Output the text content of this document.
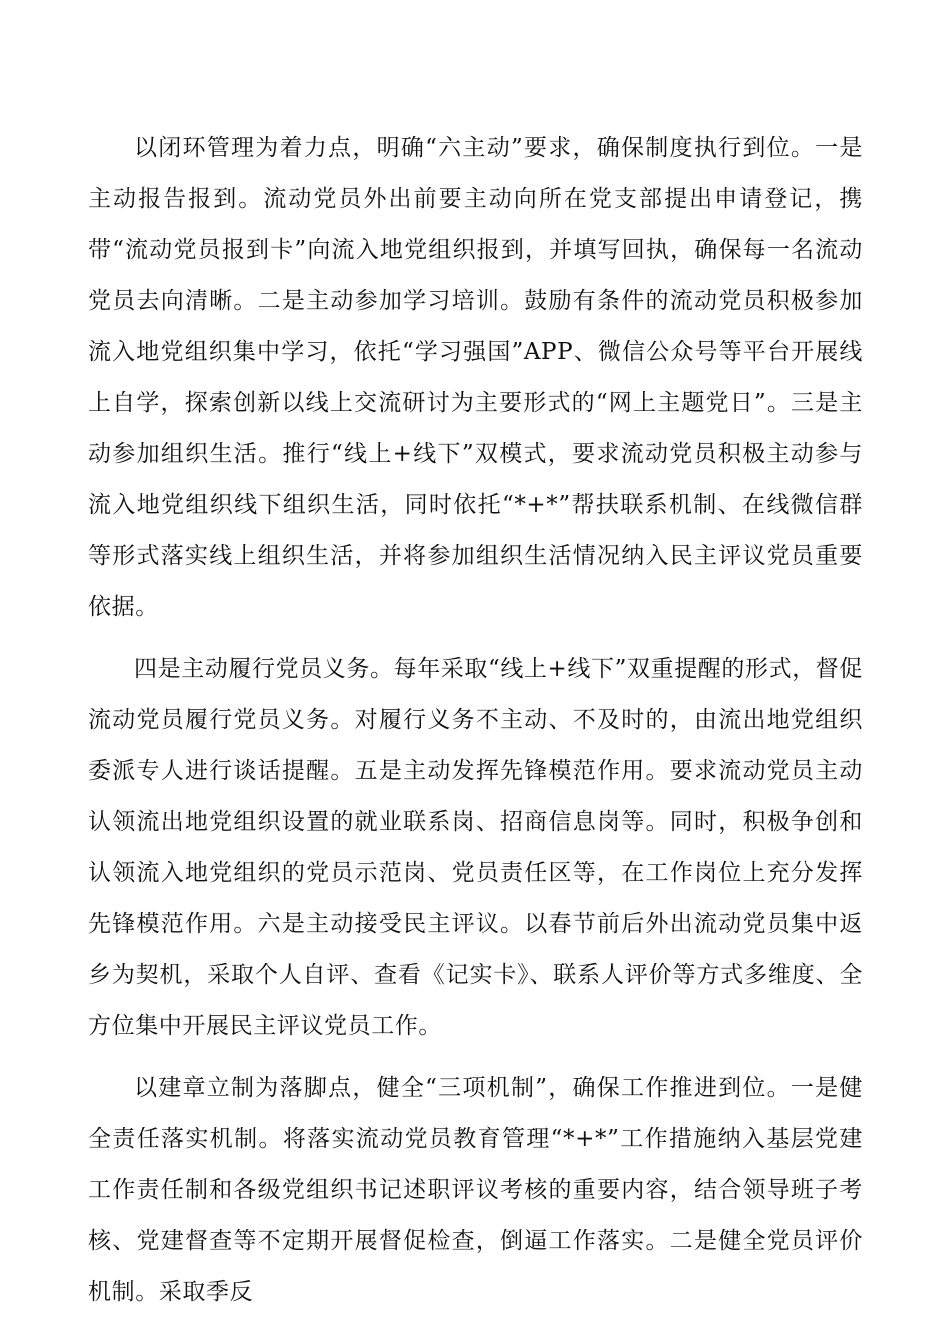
以闭环管理为着力点，明确“六主动”要求，确保制度执行到位。一是主动报告报到。流动党员外出前要主动向所在党支部提出申请登记，携带“流动党员报到卡”向流入地党组织报到，并填写回执，确保每一名流动党员去向清晰。二是主动参加学习培训。鼓励有条件的流动党员积极参加流入地党组织集中学习，依托“学习强国”APP、微信公众号等平台开展线上自学，探索创新以线上交流研讨为主要形式的“网上主题党日”。三是主动参加组织生活。推行“线上+线下”双模式，要求流动党员积极主动参与流入地党组织线下组织生活，同时依托“*+*”帮扶联系机制、在线微信群等形式落实线上组织生活，并将参加组织生活情况纳入民主评议党员重要依据。

四是主动履行党员义务。每年采取“线上+线下”双重提醒的形式，督促流动党员履行党员义务。对履行义务不主动、不及时的，由流出地党组织委派专人进行谈话提醒。五是主动发挥先锋模范作用。要求流动党员主动认领流出地党组织设置的就业联系岗、招商信息岗等。同时，积极争创和认领流入地党组织的党员示范岗、党员责任区等，在工作岗位上充分发挥先锋模范作用。六是主动接受民主评议。以春节前后外出流动党员集中返乡为契机，采取个人自评、查看《记实卡》、联系人评价等方式多维度、全方位集中开展民主评议党员工作。

以建章立制为落脚点，健全“三项机制”，确保工作推进到位。一是健全责任落实机制。将落实流动党员教育管理“*+*”工作措施纳入基层党建工作责任制和各级党组织书记述职评议考核的重要内容，结合领导班子考核、党建督查等不定期开展督促检查，倒逼工作落实。二是健全党员评价机制。采取季反
